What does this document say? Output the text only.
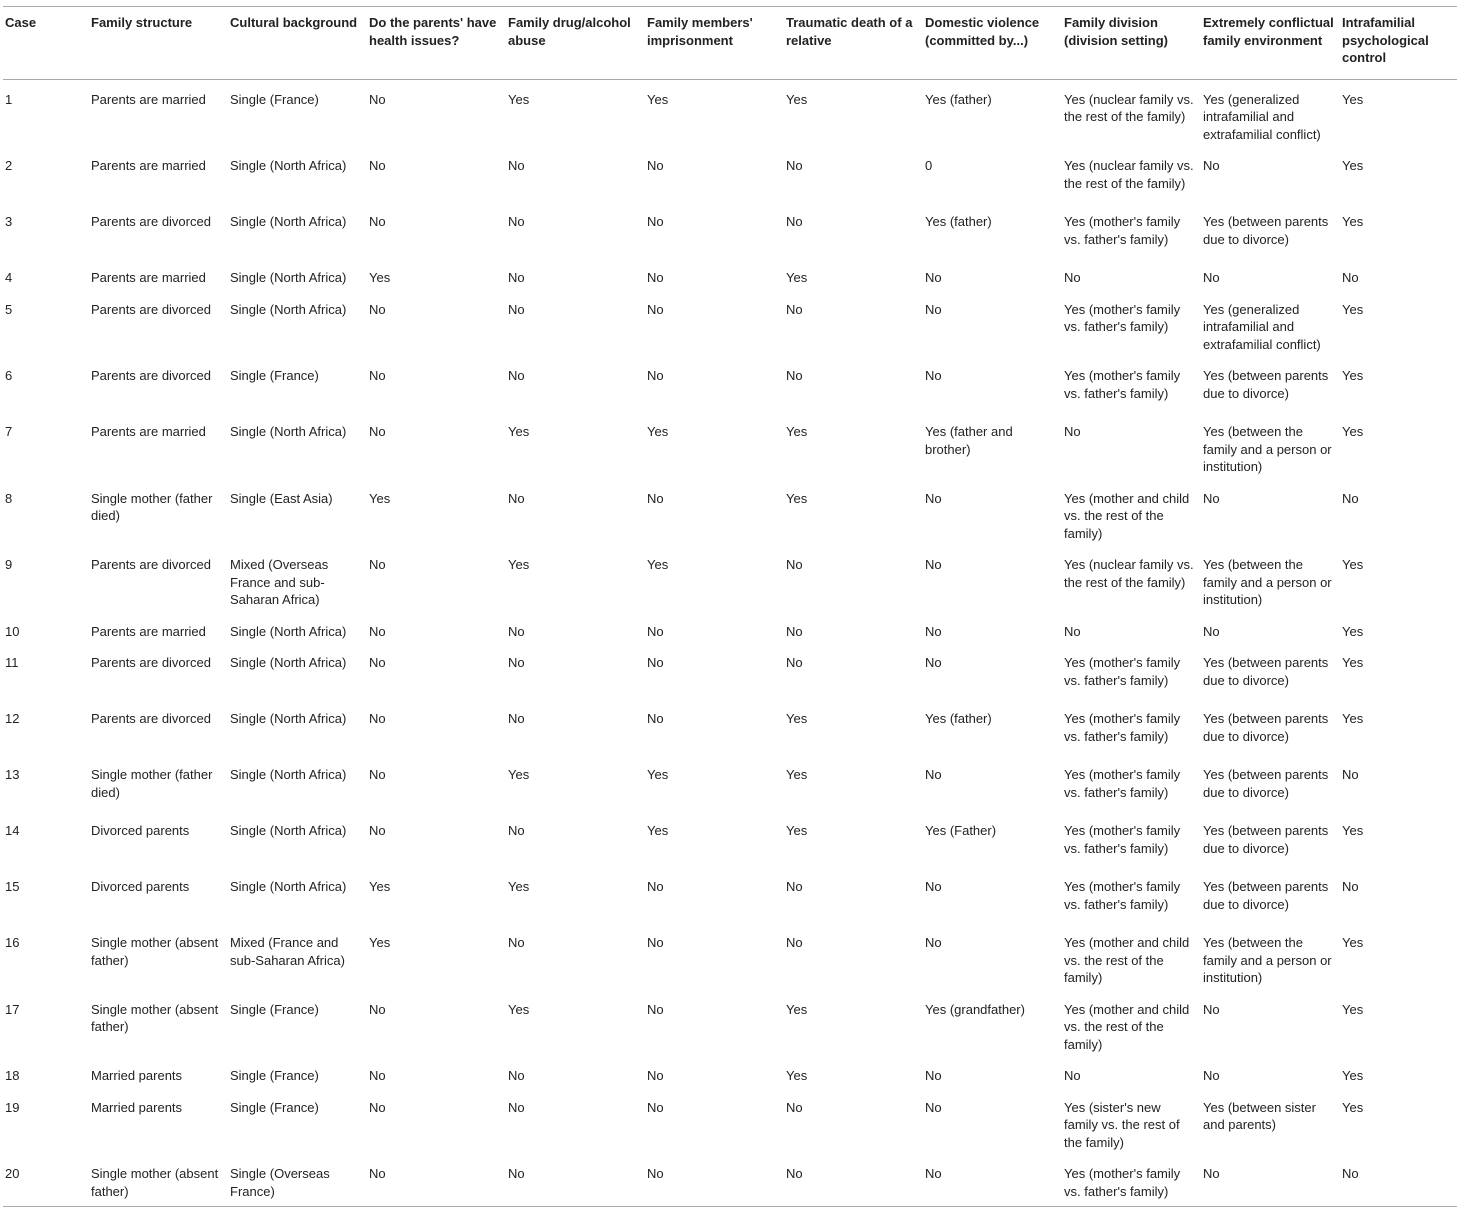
Case	Family structure	Cultural background	Do the parents' have health issues?	Family drug/alcohol abuse	Family members' imprisonment	Traumatic death of a relative	Domestic violence (committed by...)	Family division (division setting)	Extremely conflictual family environment	Intrafamilial psychological control
1	Parents are married	Single (France)	No	Yes	Yes	Yes	Yes (father)	Yes (nuclear family vs. the rest of the family)	Yes (generalized intrafamilial and extrafamilial conflict)	Yes
2	Parents are married	Single (North Africa)	No	No	No	No	0	Yes (nuclear family vs. the rest of the family)	No	Yes
3	Parents are divorced	Single (North Africa)	No	No	No	No	Yes (father)	Yes (mother's family vs. father's family)	Yes (between parents due to divorce)	Yes
4	Parents are married	Single (North Africa)	Yes	No	No	Yes	No	No	No	No
5	Parents are divorced	Single (North Africa)	No	No	No	No	No	Yes (mother's family vs. father's family)	Yes (generalized intrafamilial and extrafamilial conflict)	Yes
6	Parents are divorced	Single (France)	No	No	No	No	No	Yes (mother's family vs. father's family)	Yes (between parents due to divorce)	Yes
7	Parents are married	Single (North Africa)	No	Yes	Yes	Yes	Yes (father and brother)	No	Yes (between the family and a person or institution)	Yes
8	Single mother (father died)	Single (East Asia)	Yes	No	No	Yes	No	Yes (mother and child vs. the rest of the family)	No	No
9	Parents are divorced	Mixed (Overseas France and sub-Saharan Africa)	No	Yes	Yes	No	No	Yes (nuclear family vs. the rest of the family)	Yes (between the family and a person or institution)	Yes
10	Parents are married	Single (North Africa)	No	No	No	No	No	No	No	Yes
11	Parents are divorced	Single (North Africa)	No	No	No	No	No	Yes (mother's family vs. father's family)	Yes (between parents due to divorce)	Yes
12	Parents are divorced	Single (North Africa)	No	No	No	Yes	Yes (father)	Yes (mother's family vs. father's family)	Yes (between parents due to divorce)	Yes
13	Single mother (father died)	Single (North Africa)	No	Yes	Yes	Yes	No	Yes (mother's family vs. father's family)	Yes (between parents due to divorce)	No
14	Divorced parents	Single (North Africa)	No	No	Yes	Yes	Yes (Father)	Yes (mother's family vs. father's family)	Yes (between parents due to divorce)	Yes
15	Divorced parents	Single (North Africa)	Yes	Yes	No	No	No	Yes (mother's family vs. father's family)	Yes (between parents due to divorce)	No
16	Single mother (absent father)	Mixed (France and sub-Saharan Africa)	Yes	No	No	No	No	Yes (mother and child vs. the rest of the family)	Yes (between the family and a person or institution)	Yes
17	Single mother (absent father)	Single (France)	No	Yes	No	Yes	Yes (grandfather)	Yes (mother and child vs. the rest of the family)	No	Yes
18	Married parents	Single (France)	No	No	No	Yes	No	No	No	Yes
19	Married parents	Single (France)	No	No	No	No	No	Yes (sister's new family vs. the rest of the family)	Yes (between sister and parents)	Yes
20	Single mother (absent father)	Single (Overseas France)	No	No	No	No	No	Yes (mother's family vs. father's family)	No	No
